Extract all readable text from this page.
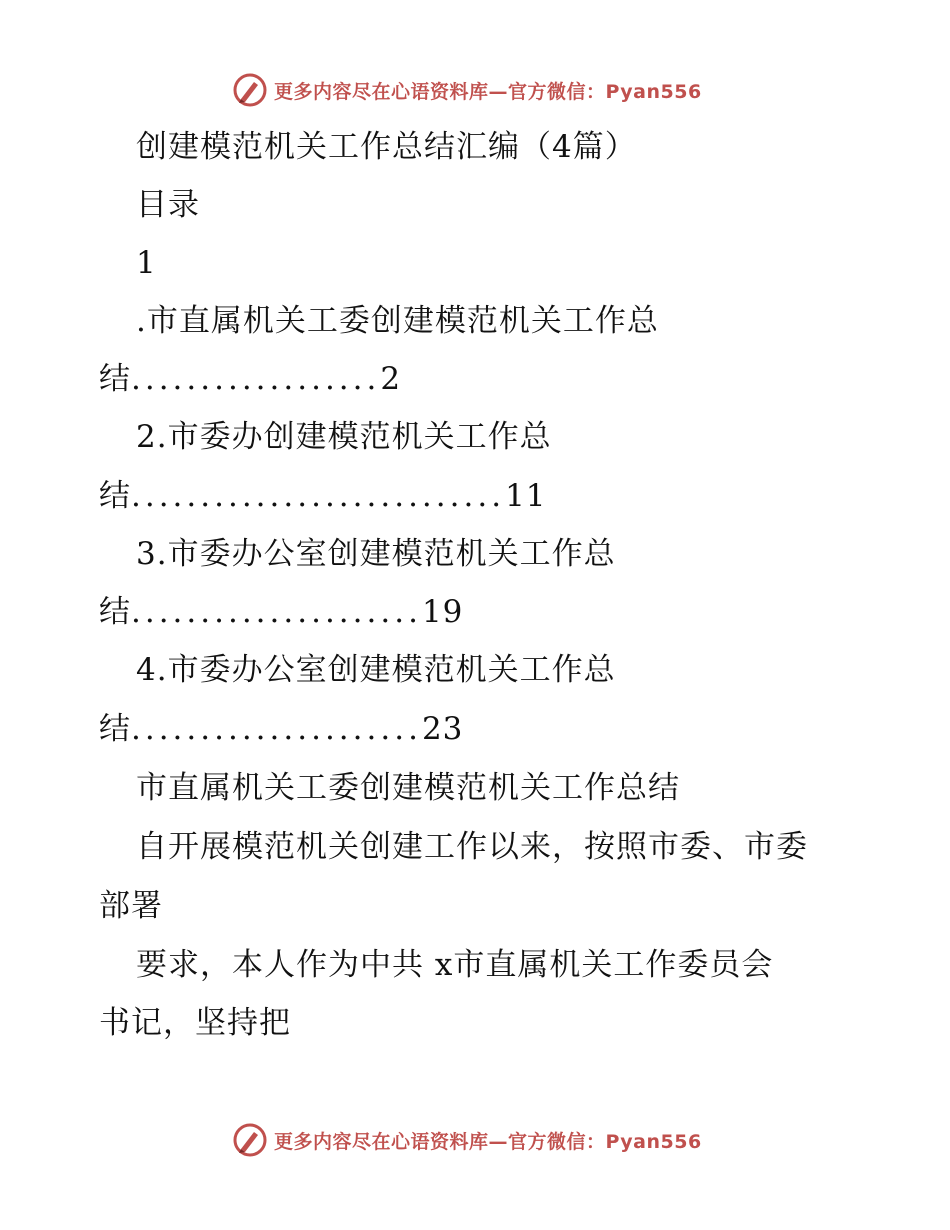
更多内容尽在心语资料库—官方微信：Pyan556
创建模范机关工作总结汇编（4篇）
目录
1
.市直属机关工委创建模范机关工作总
结..................2
2.市委办创建模范机关工作总
结...........................11
3.市委办公室创建模范机关工作总
结.....................19
4.市委办公室创建模范机关工作总
结.....................23
市直属机关工委创建模范机关工作总结
自开展模范机关创建工作以来，按照市委、市委
部署
要求，本人作为中共 x市直属机关工作委员会
书记，坚持把
更多内容尽在心语资料库—官方微信：Pyan556
